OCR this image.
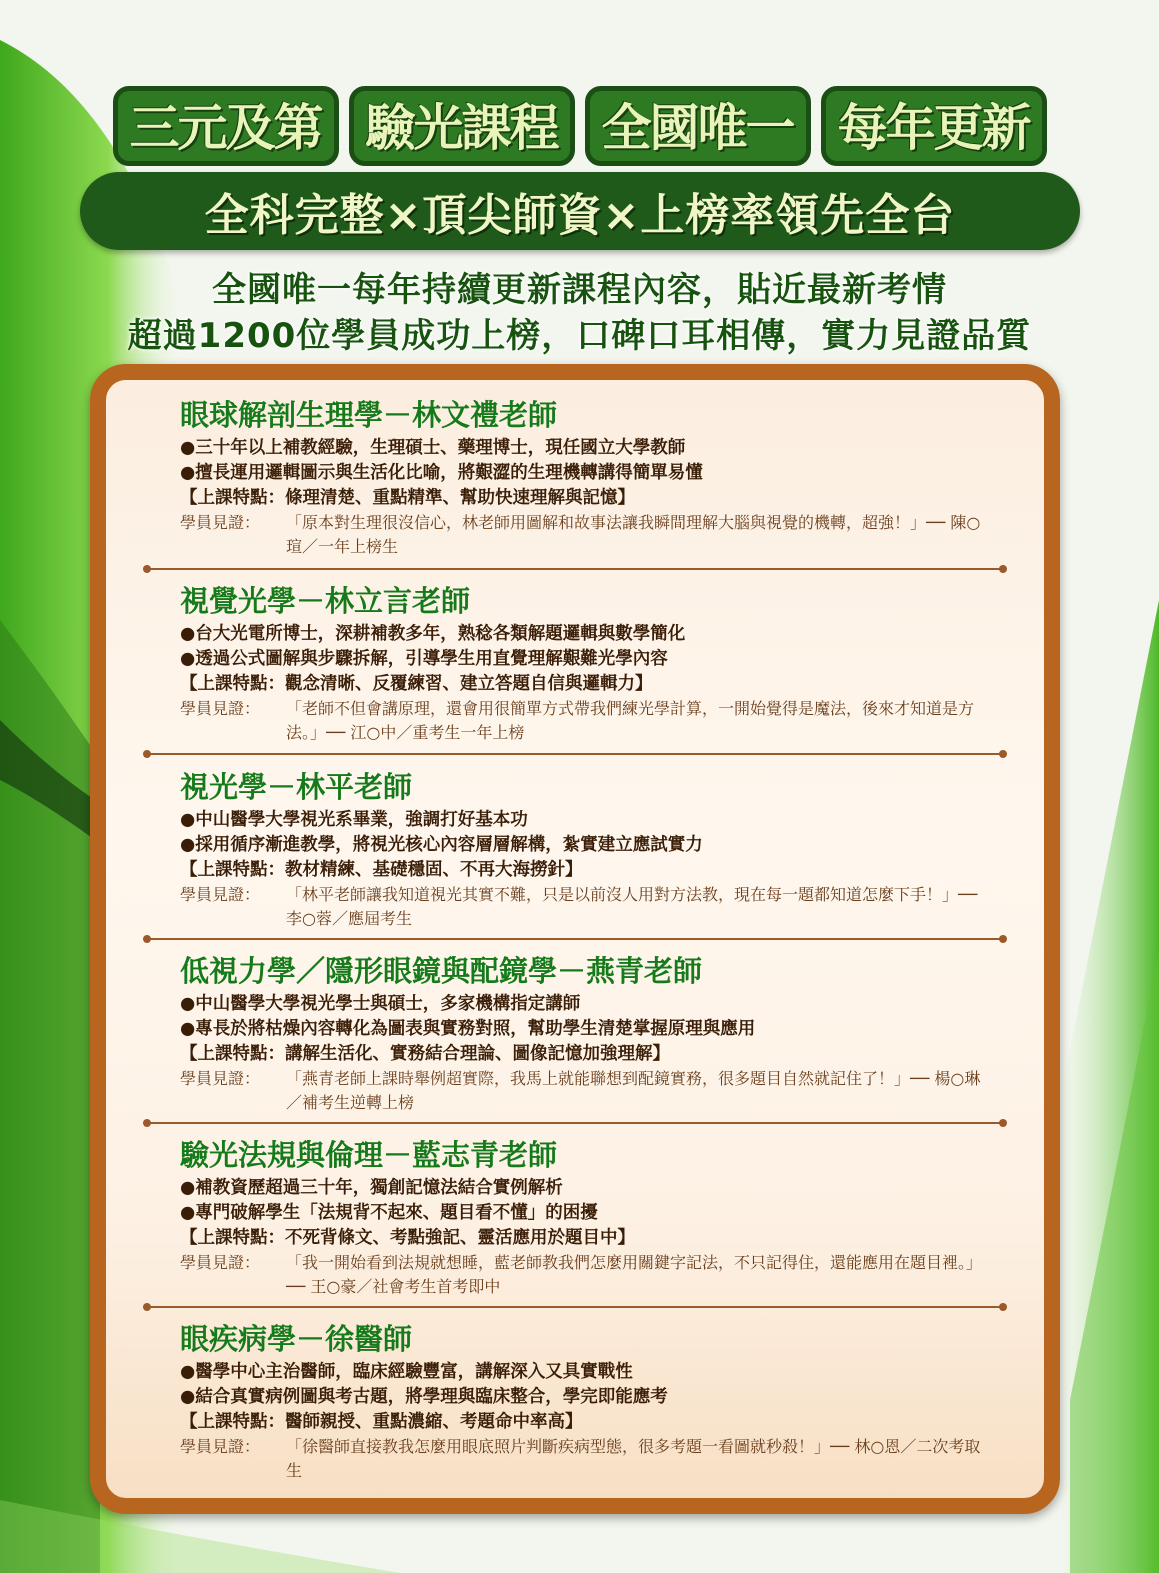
三元及第 驗光課程 全國唯一 每年更新
全科完整×頂尖師資×上榜率領先全台
全國唯一每年持續更新課程內容，貼近最新考情
超過1200位學員成功上榜，口碑口耳相傳，實力見證品質
眼球解剖生理學－林文禮老師
●三十年以上補教經驗，生理碩士、藥理博士，現任國立大學教師
●擅長運用邏輯圖示與生活化比喻，將艱澀的生理機轉講得簡單易懂
【上課特點：條理清楚、重點精準、幫助快速理解與記憶】
學員見證：	「原本對生理很沒信心，林老師用圖解和故事法讓我瞬間理解大腦與視覺的機轉，超強！」── 陳○瑄／一年上榜生
視覺光學－林立言老師
●台大光電所博士，深耕補教多年，熟稔各類解題邏輯與數學簡化
●透過公式圖解與步驟拆解，引導學生用直覺理解艱難光學內容
【上課特點：觀念清晰、反覆練習、建立答題自信與邏輯力】
學員見證：	「老師不但會講原理，還會用很簡單方式帶我們練光學計算，一開始覺得是魔法，後來才知道是方法。」── 江○中／重考生一年上榜
視光學－林平老師
●中山醫學大學視光系畢業，強調打好基本功
●採用循序漸進教學，將視光核心內容層層解構，紮實建立應試實力
【上課特點：教材精練、基礎穩固、不再大海撈針】
學員見證：	「林平老師讓我知道視光其實不難，只是以前沒人用對方法教，現在每一題都知道怎麼下手！」── 李○蓉／應屆考生
低視力學／隱形眼鏡與配鏡學－燕青老師
●中山醫學大學視光學士與碩士，多家機構指定講師
●專長於將枯燥內容轉化為圖表與實務對照，幫助學生清楚掌握原理與應用
【上課特點：講解生活化、實務結合理論、圖像記憶加強理解】
學員見證：	「燕青老師上課時舉例超實際，我馬上就能聯想到配鏡實務，很多題目自然就記住了！」── 楊○琳／補考生逆轉上榜
驗光法規與倫理－藍志青老師
●補教資歷超過三十年，獨創記憶法結合實例解析
●專門破解學生「法規背不起來、題目看不懂」的困擾
【上課特點：不死背條文、考點強記、靈活應用於題目中】
學員見證：	「我一開始看到法規就想睡，藍老師教我們怎麼用關鍵字記法，不只記得住，還能應用在題目裡。」── 王○豪／社會考生首考即中
眼疾病學－徐醫師
●醫學中心主治醫師，臨床經驗豐富，講解深入又具實戰性
●結合真實病例圖與考古題，將學理與臨床整合，學完即能應考
【上課特點：醫師親授、重點濃縮、考題命中率高】
學員見證：	「徐醫師直接教我怎麼用眼底照片判斷疾病型態，很多考題一看圖就秒殺！」── 林○恩／二次考取生
